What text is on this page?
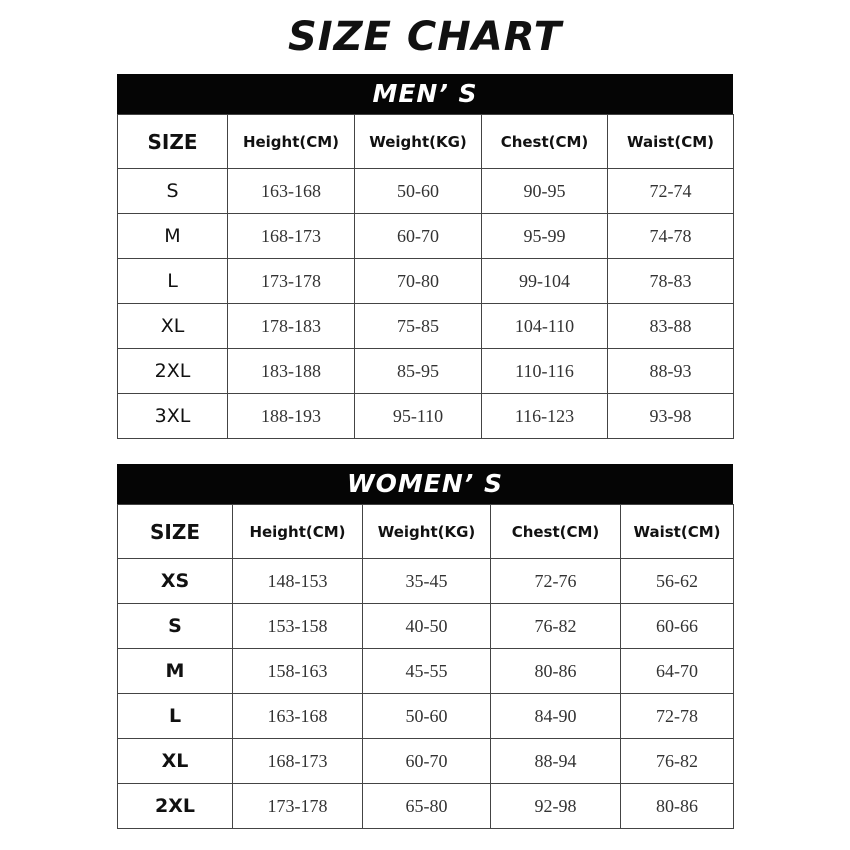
SIZE CHART
MEN’ S
SIZE	Height(CM)	Weight(KG)	Chest(CM)	Waist(CM)
S	163-168	50-60	90-95	72-74
M	168-173	60-70	95-99	74-78
L	173-178	70-80	99-104	78-83
XL	178-183	75-85	104-110	83-88
2XL	183-188	85-95	110-116	88-93
3XL	188-193	95-110	116-123	93-98
WOMEN’ S
SIZE	Height(CM)	Weight(KG)	Chest(CM)	Waist(CM)
XS	148-153	35-45	72-76	56-62
S	153-158	40-50	76-82	60-66
M	158-163	45-55	80-86	64-70
L	163-168	50-60	84-90	72-78
XL	168-173	60-70	88-94	76-82
2XL	173-178	65-80	92-98	80-86
